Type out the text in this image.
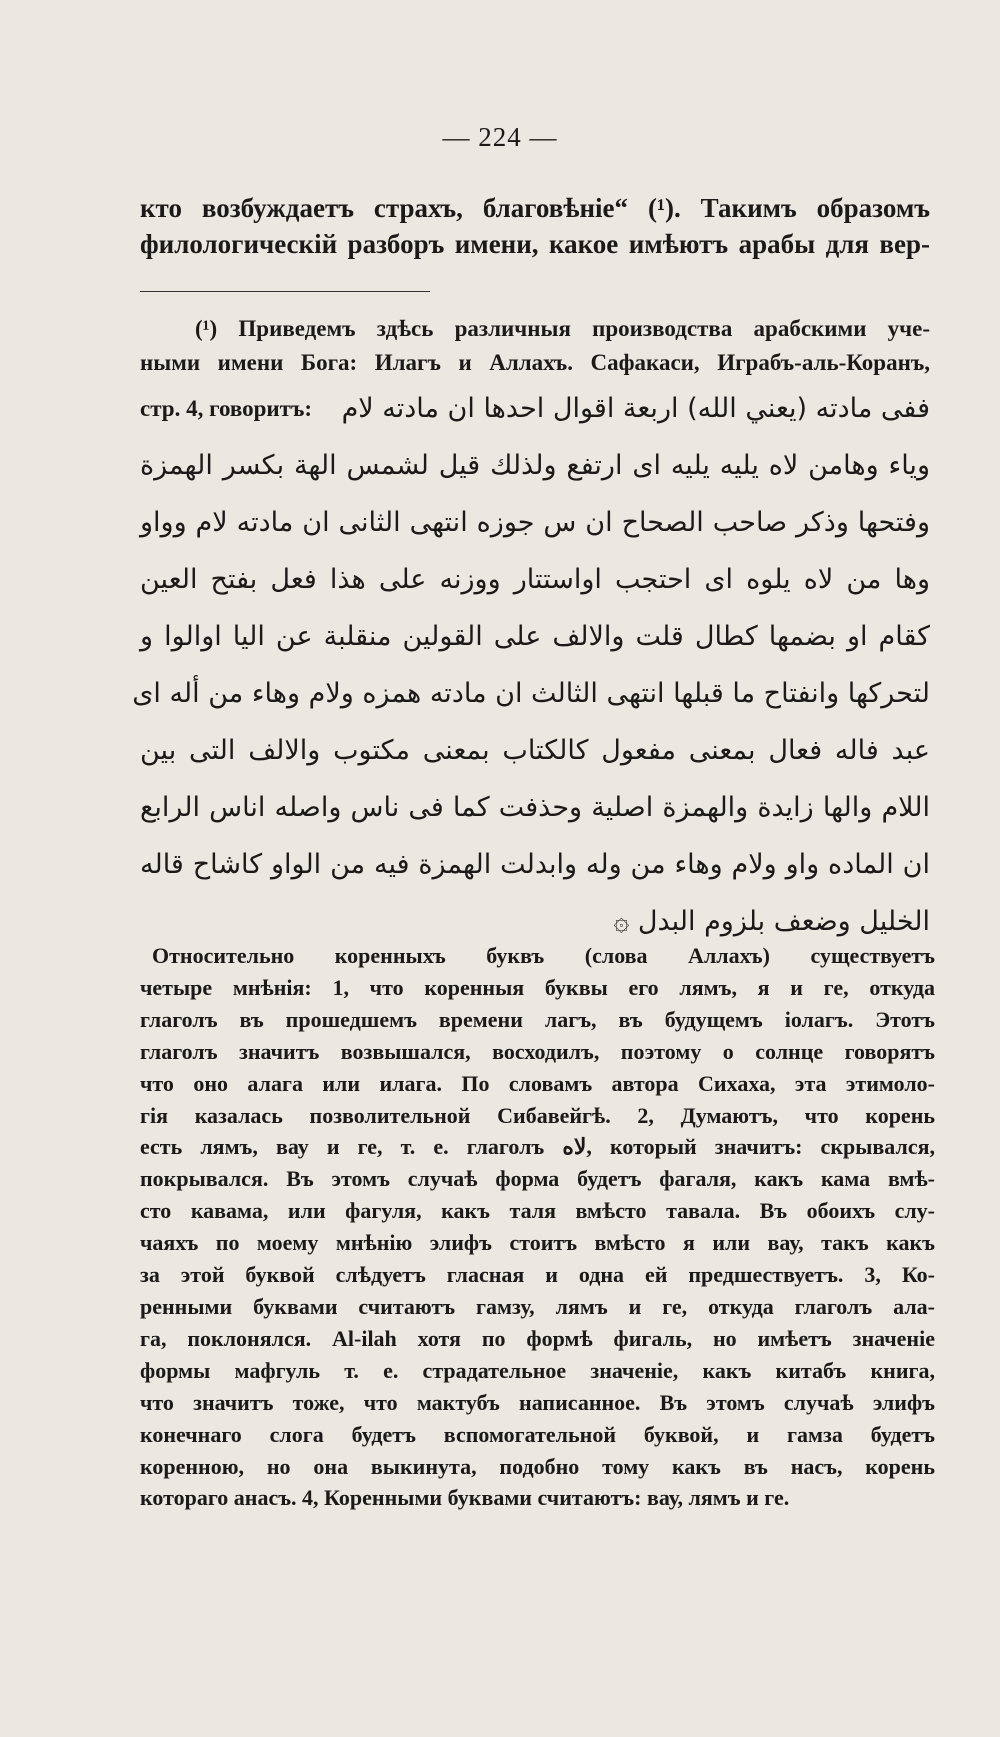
— 224 —

кто возбуждаетъ страхъ, благовѣніе“ (¹). Такимъ образомъ

филологическій разборъ имени, какое имѣютъ арабы для вер-

(¹) Приведемъ здѣсь различныя производства арабскими уче-

ными имени Бога: Илагъ и Аллахъ. Сафакаси, Играбъ-аль-Коранъ,

стр. 4, говоритъ: ففى مادته (يعني الله) اربعة اقوال احدها ان مادته لام
وياء وهامن لاه يليه يليه اى ارتفع ولذلك قيل لشمس الهة بكسر الهمزة
وفتحها وذكر صاحب الصحاح ان س جوزه انتهى الثانى ان مادته لام وواو
وها من لاه يلوه اى احتجب اواستتار ووزنه على هذا فعل بفتح العين
كقام او بضمها كطال قلت والالف على القولين منقلبة عن اليا اوالوا و
لتحركها وانفتاح ما قبلها انتهى الثالث ان مادته همزه ولام وهاء من أله اى
عبد فاله فعال بمعنى مفعول كالكتاب بمعنى مكتوب والالف التى بين
اللام والها زايدة والهمزة اصلية وحذفت كما فى ناس واصله اناس الرابع
ان الماده واو ولام وهاء من وله وابدلت الهمزة فيه من الواو كاشاح قاله
الخليل وضعف بلزوم البدل ۞

Относительно коренныхъ буквъ (слова Аллахъ) существуетъ

четыре мнѣнія: 1, что коренныя буквы его лямъ, я и ге, откуда

глаголъ въ прошедшемъ времени лагъ, въ будущемъ іолагъ. Этотъ

глаголъ значитъ возвышался, восходилъ, поэтому о солнце говорятъ

что оно алага или илага. По словамъ автора Сихаха, эта этимоло-

гія казалась позволительной Сибавейгѣ. 2, Думаютъ, что корень

есть лямъ, вау и ге, т. е. глаголъ لاه, который значитъ: скрывался,

покрывался. Въ этомъ случаѣ форма будетъ фагаля, какъ кама вмѣ-

сто кавама, или фагуля, какъ таля вмѣсто тавала. Въ обоихъ слу-

чаяхъ по моему мнѣнію элифъ стоитъ вмѣсто я или вау, такъ какъ

за этой буквой слѣдуетъ гласная и одна ей предшествуетъ. 3, Ко-

ренными буквами считаютъ гамзу, лямъ и ге, откуда глаголъ ала-

га, поклонялся. Al-ilah хотя по формѣ фигаль, но имѣетъ значеніе

формы мафгуль т. е. страдательное значеніе, какъ китабъ книга,

что значитъ тоже, что мактубъ написанное. Въ этомъ случаѣ элифъ

конечнаго слога будетъ вспомогательной буквой, и гамза будетъ

коренною, но она выкинута, подобно тому какъ въ насъ, корень

котораго анасъ. 4, Коренными буквами считаютъ: вау, лямъ и ге.
